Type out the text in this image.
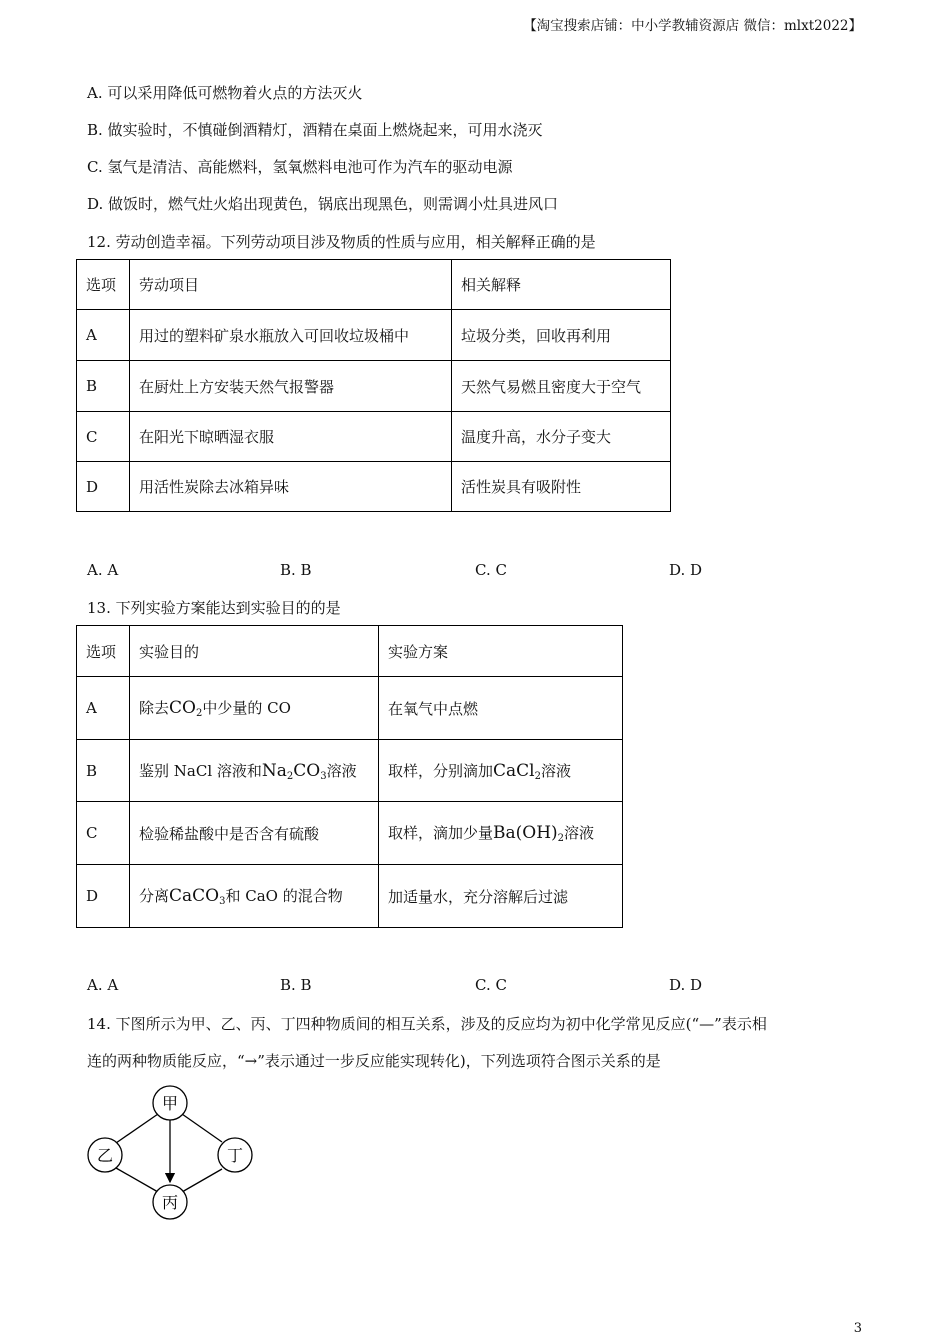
【淘宝搜索店铺：中小学教辅资源店 微信：mlxt2022】
A. 可以采用降低可燃物着火点的方法灭火
B. 做实验时，不慎碰倒酒精灯，酒精在桌面上燃烧起来，可用水浇灭
C. 氢气是清洁、高能燃料，氢氧燃料电池可作为汽车的驱动电源
D. 做饭时，燃气灶火焰出现黄色，锅底出现黑色，则需调小灶具进风口
12. 劳动创造幸福。下列劳动项目涉及物质的性质与应用，相关解释正确的是
选项	劳动项目	相关解释
A	用过的塑料矿泉水瓶放入可回收垃圾桶中	垃圾分类，回收再利用
B	在厨灶上方安装天然气报警器	天然气易燃且密度大于空气
C	在阳光下晾晒湿衣服	温度升高，水分子变大
D	用活性炭除去冰箱异味	活性炭具有吸附性
A. A	B. B	C. C	D. D
13. 下列实验方案能达到实验目的的是
选项	实验目的	实验方案
A	除去$CO_2$中少量的 CO	在氧气中点燃
B	鉴别 NaCl 溶液和$Na_2CO_3$溶液	取样，分别滴加CaCl$_2$溶液
C	检验稀盐酸中是否含有硫酸	取样，滴加少量$Ba(OH)_2$溶液
D	分离CaCO$_3$和 CaO 的混合物	加适量水，充分溶解后过滤
A. A	B. B	C. C	D. D
14. 下图所示为甲、乙、丙、丁四种物质间的相互关系，涉及的反应均为初中化学常见反应(“—”表示相
连的两种物质能反应，“→”表示通过一步反应能实现转化)，下列选项符合图示关系的是
甲
乙	丁
丙
3
